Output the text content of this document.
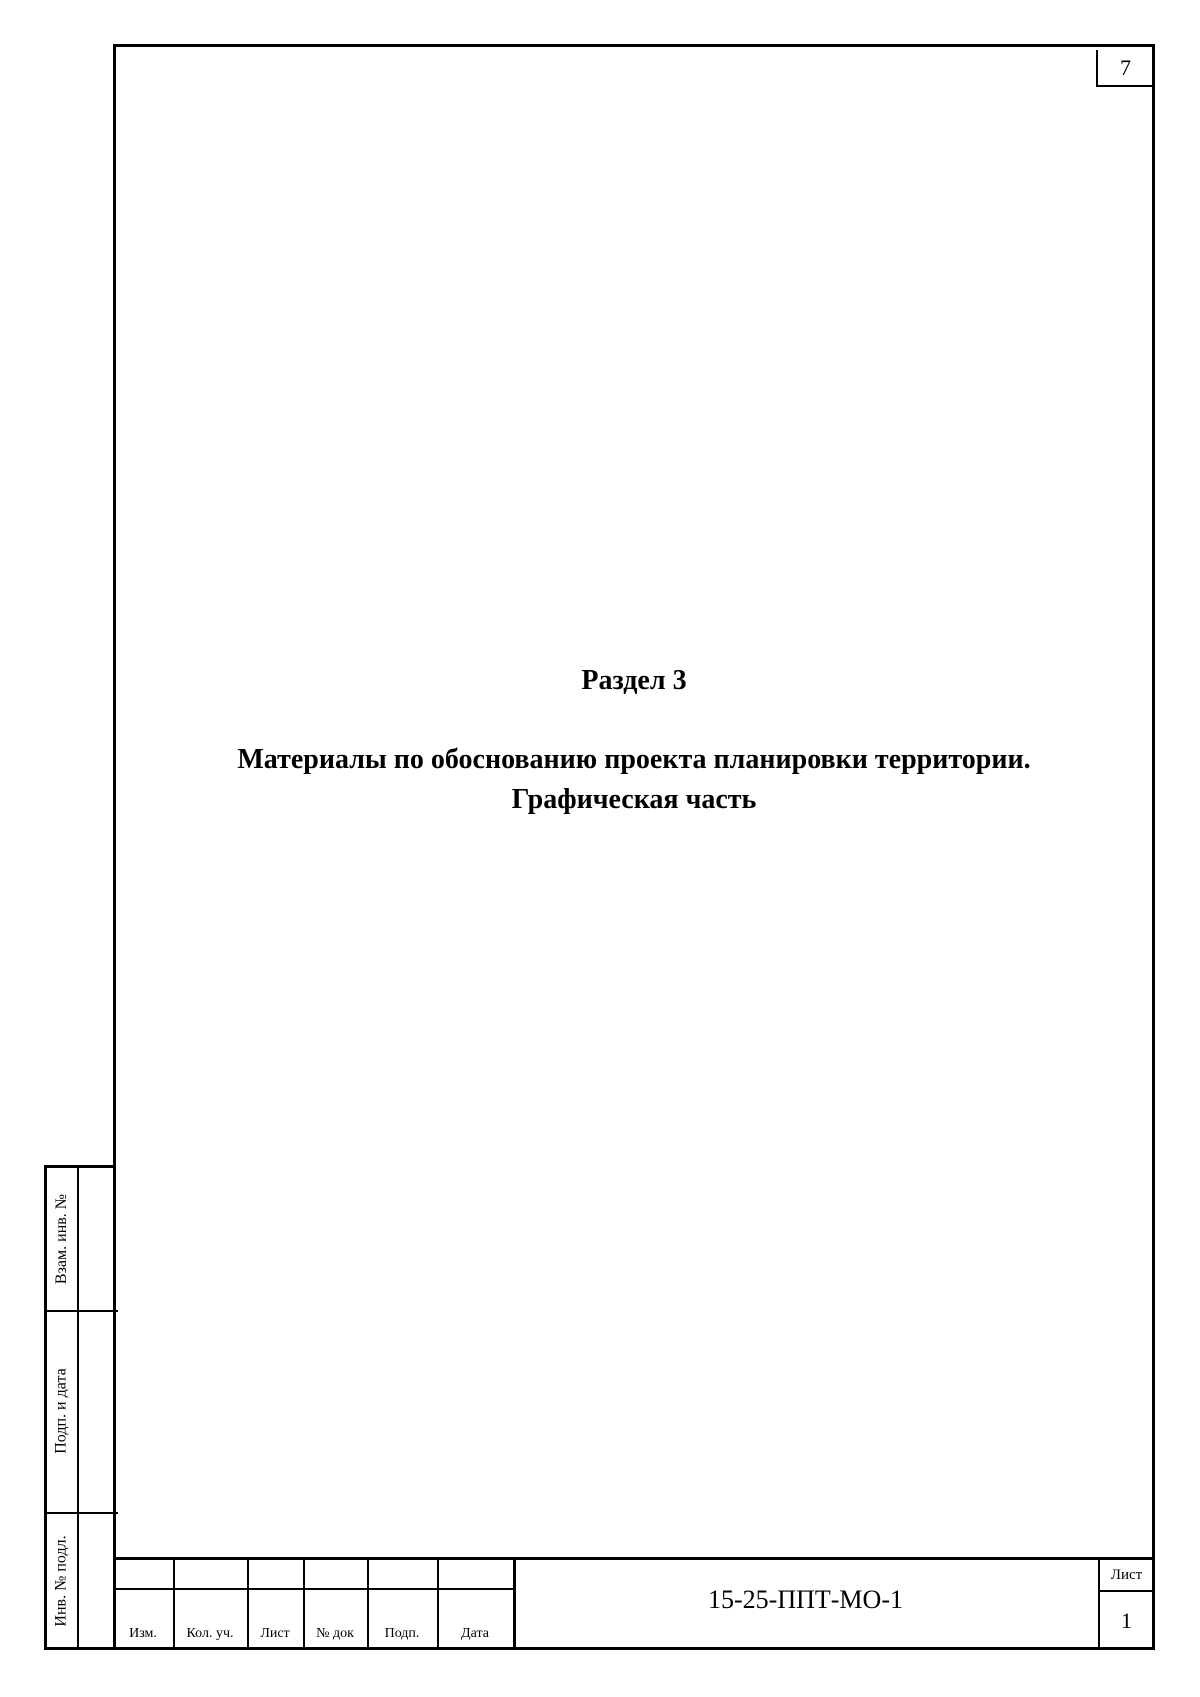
7
Раздел 3
Материалы по обоснованию проекта планировки территории.
Графическая часть
Взам. инв. №
Подп. и дата
Инв. № подл.
Изм.	Кол. уч.	Лист	№ док	Подп.	Дата
15-25-ППТ-МО-1
Лист
1
